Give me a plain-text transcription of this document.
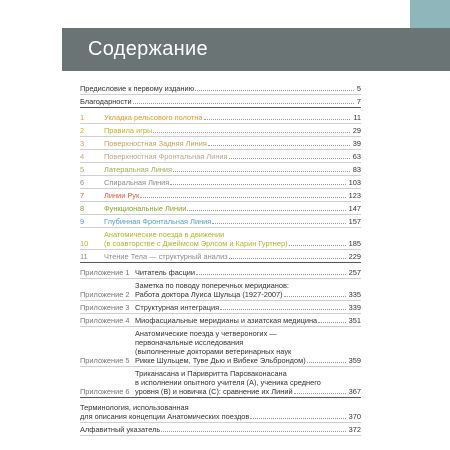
Содержание
Предисловие к первому изданию	5
Благодарности	7
1	Укладка рельсового полотна	11
2	Правила игры	29
3	Поверхностная Задняя Линия	39
4	Поверхностная Фронтальная Линия	63
5	Латеральная Линия	83
6	Спиральная Линия	103
7	Линии Рук	123
8	Функциональные Линии	147
9	Глубинная Фронтальная Линия	157
10
Анатомические поезда в движении
(в соавторстве с Джеймсом Эрлсом и Карин Гуртнер)	185
11	Чтение Тела — структурный анализ	229
Приложение 1 Читатель фасции	257
Приложение 2
Заметка по поводу поперечных меридианов:
Работа доктора Луиса Шульца (1927-2007)	335
Приложение 3 Структурная интеграция	339
Приложение 4 Миофасциальные меридианы и азиатская медицина	351
Приложение 5
Анатомические поезда у четвероногих —
первоначальные исследования
(выполненные докторами ветеринарных наук
Рикке Шульцем, Туве Дью и Вибеке Эльброндом)	359
Приложение 6
Триканасана и Паривритта Парсваконасана
в исполнении опытного учителя (А), ученика среднего
уровня (В) и новичка (С): сравнение их Линий	367
Терминология, использованная
для описания концепции Анатомических поездов	370
Алфавитный указатель	372
